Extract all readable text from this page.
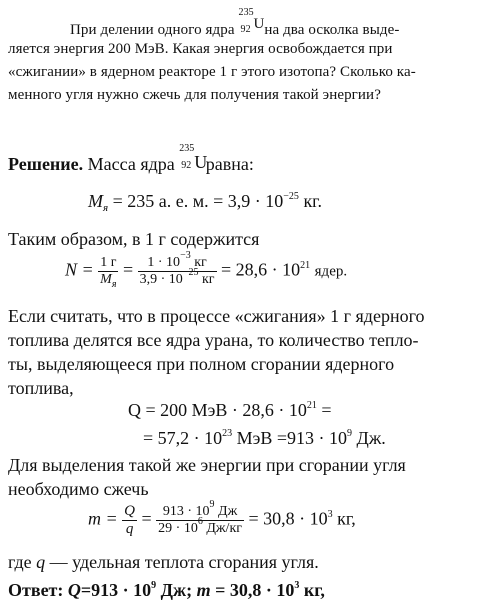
При делении одного ядра
235
92 U на два осколка выде-
ляется энергия 200 МэВ. Какая энергия освобождается при
«сжигании» в ядерном реакторе 1 г этого изотопа? Сколько ка-
менного угля нужно сжечь для получения такой энергии?
Решение. Масса ядра
235
92 U
равна:
$M_я = 235$ а. е. м. = $3,9 \cdot 10^{-25}$ кг.
Таким образом, в 1 г содержится
$N = \frac{1 г}{M_я} = \frac{1 \cdot 10^{-3} кг}{3,9 \cdot 10^{-25} кг} = 28,6 \cdot 10^{21}$ ядер.
Если считать, что в процессе «сжигания» 1 г ядерного
топлива делятся все ядра урана, то количество тепло-
ты, выделяющееся при полном сгорании ядерного
топлива,
Q = 200 МэВ · $28,6 \cdot 10^{21}$ =
= $57,2 \cdot 10^{23}$ МэВ $=913 \cdot 10^9$ Дж.
Для выделения такой же энергии при сгорании угля
необходимо сжечь
$m = \frac{Q}{q} = \frac{913 \cdot 10^9 Дж}{29 \cdot 10^6 Дж/кг} = 30,8 \cdot 10^3$ кг,
где q — удельная теплота сгорания угля.
Ответ: $Q=913 \cdot 10^9$ Дж; $m = 30,8 \cdot 10^3$ кг,
